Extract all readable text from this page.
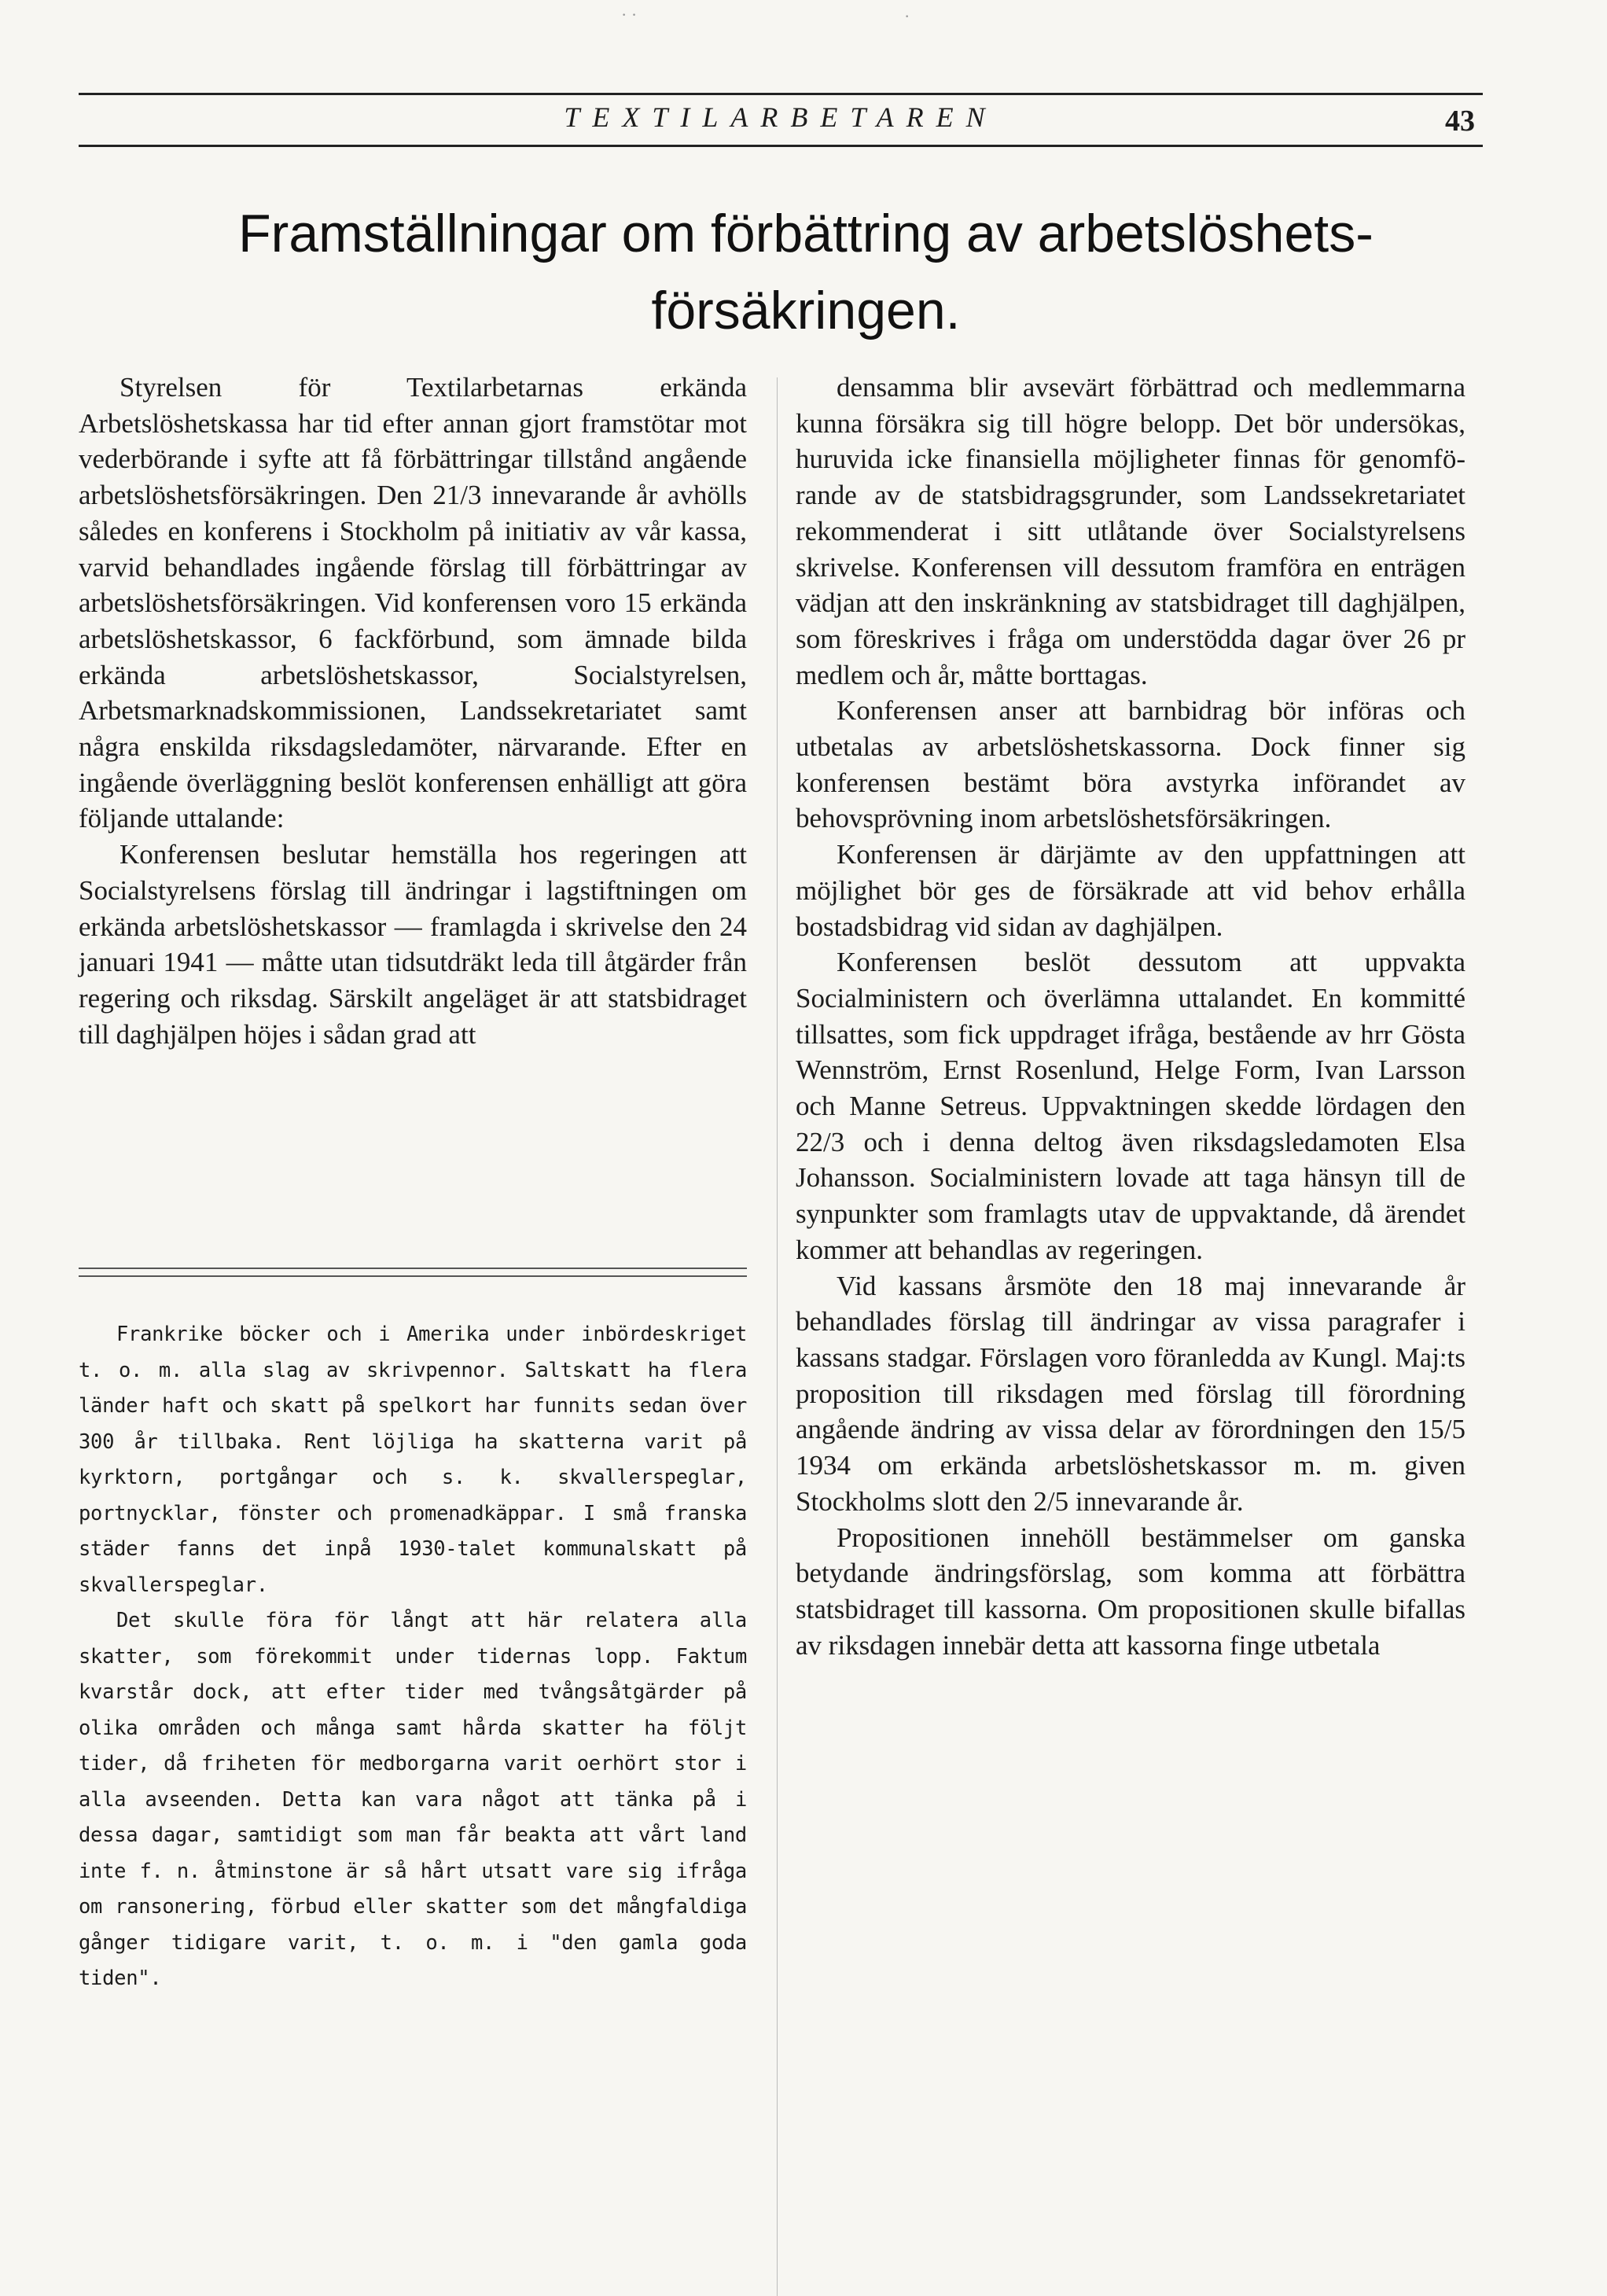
TEXTILARBETAREN	43
Framställningar om förbättring av arbetslöshets-
försäkringen.

Styrelsen för Textilarbetarnas erkända Arbetslöshetskassa har tid efter annan gjort framstötar mot vederbörande i syfte att få förbättringar tillstånd angående arbetslöshetsförsäkringen. Den 21/3 innevarande år avhölls således en konferens i Stockholm på initiativ av vår kassa, varvid behandlades ingående förslag till förbättringar av arbetslöshetsförsäkringen. Vid konferensen voro 15 erkända arbetslöshetskassor, 6 fackförbund, som ämnade bilda erkända arbetslöshetskassor, Socialstyrelsen, Arbetsmarknadskommissionen, Landssekretariatet samt några enskilda riksdagsledamöter, närvarande. Efter en ingående överläggning beslöt konferensen enhälligt att göra följande uttalande:

Konferensen beslutar hemställa hos regeringen att Socialstyrelsens förslag till ändringar i lagstiftningen om erkända arbetslöshetskassor — framlagda i skrivelse den 24 januari 1941 — måtte utan tidsutdräkt leda till åtgärder från regering och riksdag. Särskilt angeläget är att statsbidraget till daghjälpen höjes i sådan grad att

densamma blir avsevärt förbättrad och medlemmarna kunna försäkra sig till högre belopp. Det bör undersökas, huruvida icke finansiella möjligheter finnas för genomförande av de statsbidragsgrunder, som Landssekretariatet rekommenderat i sitt utlåtande över Socialstyrelsens skrivelse. Konferensen vill dessutom framföra en enträgen vädjan att den inskränkning av statsbidraget till daghjälpen, som föreskrives i fråga om understödda dagar över 26 pr medlem och år, måtte borttagas.

Konferensen anser att barnbidrag bör införas och utbetalas av arbetslöshetskassorna. Dock finner sig konferensen bestämt böra avstyrka införandet av behovsprövning inom arbetslöshetsförsäkringen.

Konferensen är därjämte av den uppfattningen att möjlighet bör ges de försäkrade att vid behov erhålla bostadsbidrag vid sidan av daghjälpen.

Konferensen beslöt dessutom att uppvakta Socialministern och överlämna uttalandet. En kommitté tillsattes, som fick uppdraget ifråga, bestående av hrr Gösta Wennström, Ernst Rosenlund, Helge Form, Ivan Larsson och Manne Setreus. Uppvaktningen skedde lördagen den 22/3 och i denna deltog även riksdagsledamoten Elsa Johansson. Socialministern lovade att taga hänsyn till de synpunkter som framlagts utav de uppvaktande, då ärendet kommer att behandlas av regeringen.

Vid kassans årsmöte den 18 maj innevarande år behandlades förslag till ändringar av vissa paragrafer i kassans stadgar. Förslagen voro föranledda av Kungl. Maj:ts proposition till riksdagen med förslag till förordning angående ändring av vissa delar av förordningen den 15/5 1934 om erkända arbetslöshetskassor m. m. given Stockholms slott den 2/5 innevarande år.

Propositionen innehöll bestämmelser om ganska betydande ändringsförslag, som komma att förbättra statsbidraget till kassorna. Om propositionen skulle bifallas av riksdagen innebär detta att kassorna finge utbetala

Frankrike böcker och i Amerika under inbördeskriget t. o. m. alla slag av skrivpennor. Saltskatt ha flera länder haft och skatt på spelkort har funnits sedan över 300 år tillbaka. Rent löjliga ha skatterna varit på kyrktorn, portgångar och s. k. skvallerspeglar, portnycklar, fönster och promenadkäppar. I små franska städer fanns det inpå 1930-talet kommunalskatt på skvallerspeglar.

Det skulle föra för långt att här relatera alla skatter, som förekommit under tidernas lopp. Faktum kvarstår dock, att efter tider med tvångsåtgärder på olika områden och många samt hårda skatter ha följt tider, då friheten för medborgarna varit oerhört stor i alla avseenden. Detta kan vara något att tänka på i dessa dagar, samtidigt som man får beakta att vårt land inte f. n. åtminstone är så hårt utsatt vare sig ifråga om ransonering, förbud eller skatter som det mångfaldiga gånger tidigare varit, t. o. m. i "den gamla goda tiden".

· ·	·
